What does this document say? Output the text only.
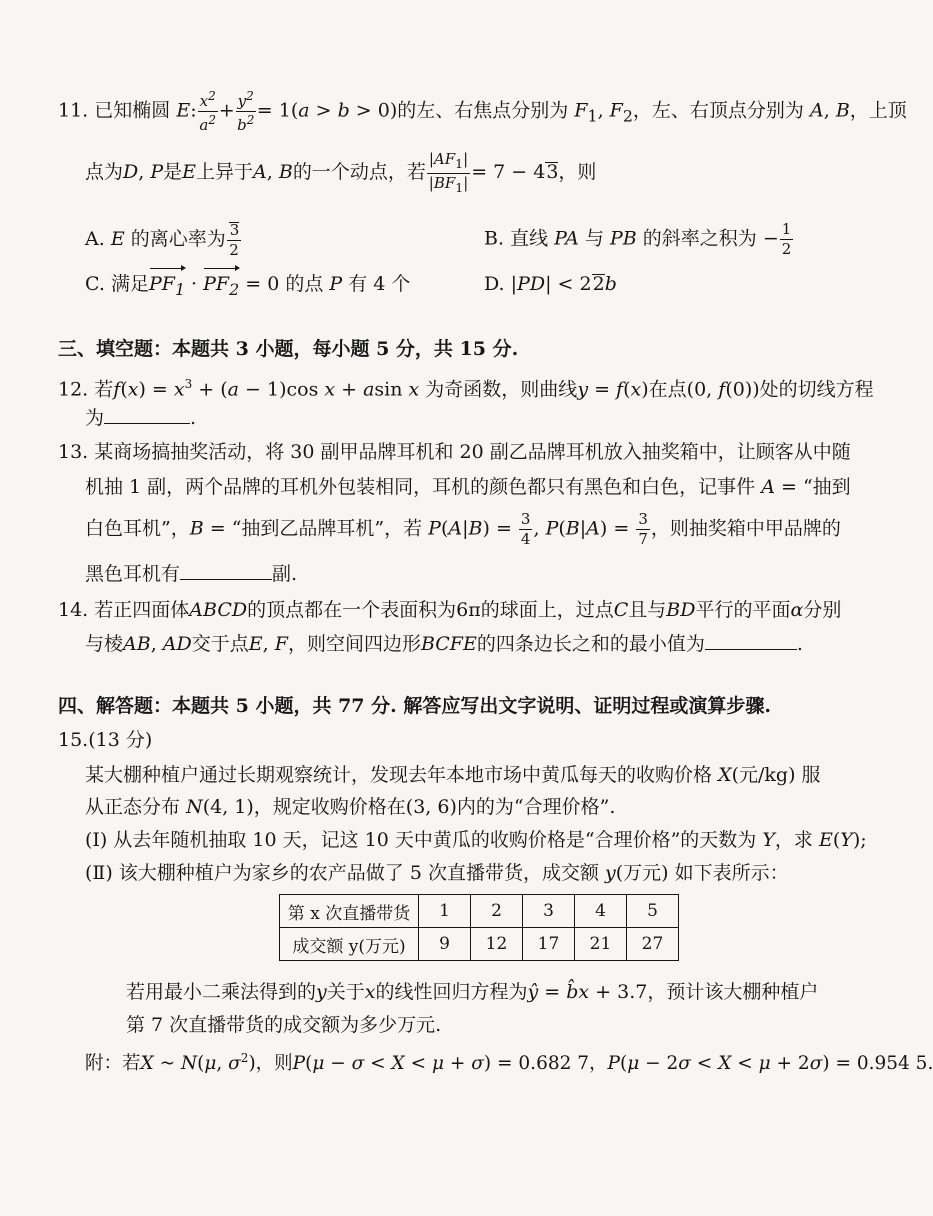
11. 已知椭圆 E: $\frac{x^2}{a^2} + \frac{y^2}{b^2} = 1(a > b > 0)$的左、右焦点分别为 $F_1$, $F_2$，左、右顶点分别为 A, B，上顶
点为D, P是E上异于A, B的一个动点，若 $\frac{|AF_1|}{|BF_1|} = 7 - 43$，则
A. E 的离心率为 $\frac{3}{2}$	B. 直线 PA 与 PB 的斜率之积为 − $\frac{1}{2}$
C. 满足$PF_1 \cdot PF_2 = 0$ 的点 P 有 4 个	D. |PD| < 22b
三、填空题：本题共 3 小题，每小题 5 分，共 15 分.
12. 若$f(x) = x^3 + (a - 1)\cos$ x + asin x 为奇函数，则曲线y = f(x)在点(0, f(0))处的切线方程
为	.
13. 某商场搞抽奖活动，将 30 副甲品牌耳机和 20 副乙品牌耳机放入抽奖箱中，让顾客从中随
机抽 1 副，两个品牌的耳机外包装相同，耳机的颜色都只有黑色和白色，记事件 A = “抽到
白色耳机”，B = “抽到乙品牌耳机”，若 $P(A|B) = \frac{3}{4}$ , $P(B|A) = \frac{3}{7}$ ，则抽奖箱中甲品牌的
黑色耳机有	副.
14. 若正四面体ABCD的顶点都在一个表面积为6π的球面上，过点C且与BD平行的平面α分别
与棱AB, AD交于点E, F，则空间四边形BCFE的四条边长之和的最小值为	.
四、解答题：本题共 5 小题，共 77 分. 解答应写出文字说明、证明过程或演算步骤.
15.(13 分)
某大棚种植户通过长期观察统计，发现去年本地市场中黄瓜每天的收购价格 X(元/kg) 服
从正态分布 N(4, 1)，规定收购价格在(3, 6)内的为“合理价格”.
(Ⅰ) 从去年随机抽取 10 天，记这 10 天中黄瓜的收购价格是“合理价格”的天数为 Y，求 E(Y);
(Ⅱ) 该大棚种植户为家乡的农产品做了 5 次直播带货，成交额 y(万元) 如下表所示：
第 x 次直播带货	1	2	3	4	5
成交额 y(万元)	9	12	17	21	27
若用最小二乘法得到的y关于x的线性回归方程为ŷ = b̂x + 3.7，预计该大棚种植户
第 7 次直播带货的成交额为多少万元.
附：若X ~ N(μ, $\sigma^2$)，则P(μ − σ < X < μ + σ) = 0.682 7，P(μ − 2σ < X < μ + 2σ) = 0.954 5.
